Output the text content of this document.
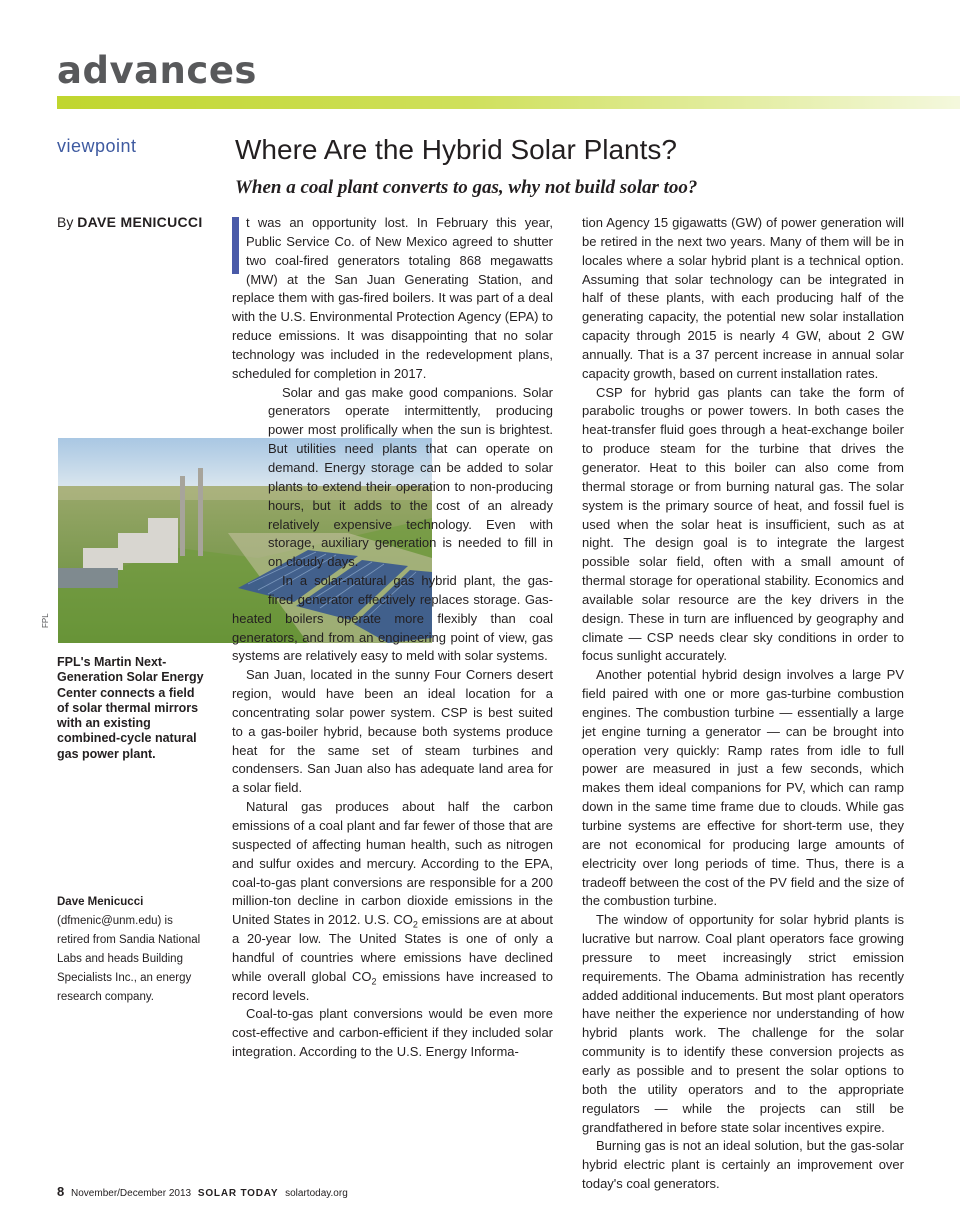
advances
viewpoint	Where Are the Hybrid Solar Plants?
When a coal plant converts to gas, why not build solar too?
By DAVE MENICUCCI
FPL
FPL's Martin Next-Generation Solar Energy Center connects a field of solar thermal mirrors with an existing combined-cycle natural gas power plant.
Dave Menicucci
(dfmenic@unm.edu) is retired from Sandia National Labs and heads Building Specialists Inc., an energy research company.

t was an opportunity lost. In February this year, Public Service Co. of New Mexico agreed to shutter two coal-fired generators totaling 868 megawatts (MW) at the San Juan Generating Station, and replace them with gas-fired boilers. It was part of a deal with the U.S. Environmental Protection Agency (EPA) to reduce emissions. It was disappointing that no solar technology was included in the redevelopment plans, scheduled for completion in 2017.

Solar and gas make good companions. Solar generators operate intermittently, producing power most prolifically when the sun is brightest. But utilities need plants that can operate on demand. Energy storage can be added to solar plants to extend their operation to non-producing hours, but it adds to the cost of an already relatively expensive technology. Even with storage, auxiliary generation is needed to fill in on cloudy days.

In a solar-natural gas hybrid plant, the gas-fired generator effectively replaces storage. Gas-heated boilers operate more flexibly than coal generators, and from an engineering point of view, gas systems are relatively easy to meld with solar systems.

San Juan, located in the sunny Four Corners desert region, would have been an ideal location for a concentrating solar power system. CSP is best suited to a gas-boiler hybrid, because both systems produce heat for the same set of steam turbines and condensers. San Juan also has adequate land area for a solar field.

Natural gas produces about half the carbon emissions of a coal plant and far fewer of those that are suspected of affecting human health, such as nitrogen and sulfur oxides and mercury. According to the EPA, coal-to-gas plant conversions are responsible for a 200 million-ton decline in carbon dioxide emissions in the United States in 2012. U.S. $CO_2$ emissions are at about a 20-year low. The United States is one of only a handful of countries where emissions have declined while overall global $CO_2$ emissions have increased to record levels.

Coal-to-gas plant conversions would be even more cost-effective and carbon-efficient if they included solar integration. According to the U.S. Energy Informa-

tion Agency 15 gigawatts (GW) of power generation will be retired in the next two years. Many of them will be in locales where a solar hybrid plant is a technical option. Assuming that solar technology can be integrated in half of these plants, with each producing half of the generating capacity, the potential new solar installation capacity through 2015 is nearly 4 GW, about 2 GW annually. That is a 37 percent increase in annual solar capacity growth, based on current installation rates.

CSP for hybrid gas plants can take the form of parabolic troughs or power towers. In both cases the heat-transfer fluid goes through a heat-exchange boiler to produce steam for the turbine that drives the generator. Heat to this boiler can also come from thermal storage or from burning natural gas. The solar system is the primary source of heat, and fossil fuel is used when the solar heat is insufficient, such as at night. The design goal is to integrate the largest possible solar field, often with a small amount of thermal storage for operational stability. Economics and available solar resource are the key drivers in the design. These in turn are influenced by geography and climate — CSP needs clear sky conditions in order to focus sunlight accurately.

Another potential hybrid design involves a large PV field paired with one or more gas-turbine combustion engines. The combustion turbine — essentially a large jet engine turning a generator — can be brought into operation very quickly: Ramp rates from idle to full power are measured in just a few seconds, which makes them ideal companions for PV, which can ramp down in the same time frame due to clouds. While gas turbine systems are effective for short-term use, they are not economical for producing large amounts of electricity over long periods of time. Thus, there is a tradeoff between the cost of the PV field and the size of the combustion turbine.

The window of opportunity for solar hybrid plants is lucrative but narrow. Coal plant operators face growing pressure to meet increasingly strict emission requirements. The Obama administration has recently added additional inducements. But most plant operators have neither the experience nor understanding of how hybrid plants work. The challenge for the solar community is to identify these conversion projects as early as possible and to present the solar options to both the utility operators and to the appropriate regulators — while the projects can still be grandfathered in before state solar incentives expire.

Burning gas is not an ideal solution, but the gas-solar hybrid electric plant is certainly an improvement over today's coal generators.

8 November/December 2013 SOLAR TODAY solartoday.org
